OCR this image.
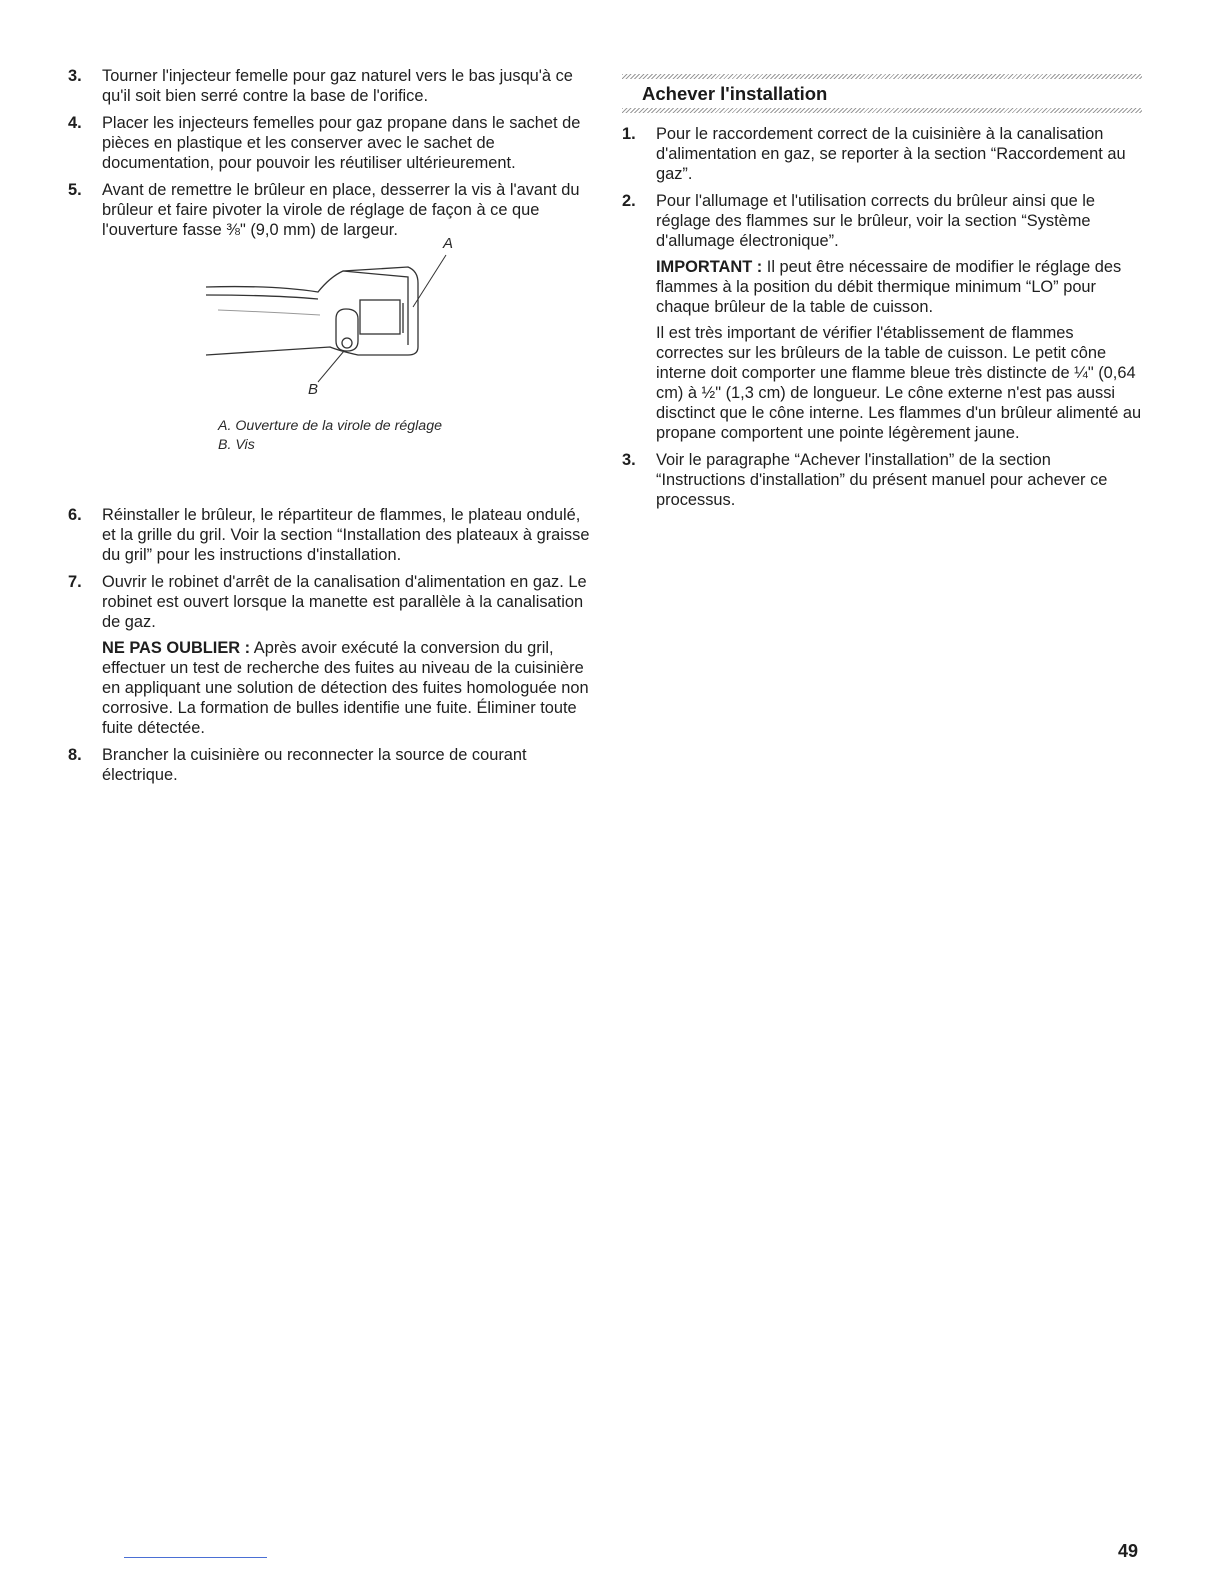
3. Tourner l'injecteur femelle pour gaz naturel vers le bas jusqu'à ce qu'il soit bien serré contre la base de l'orifice.
4. Placer les injecteurs femelles pour gaz propane dans le sachet de pièces en plastique et les conserver avec le sachet de documentation, pour pouvoir les réutiliser ultérieurement.
5. Avant de remettre le brûleur en place, desserrer la vis à l'avant du brûleur et faire pivoter la virole de réglage de façon à ce que l'ouverture fasse ⅜" (9,0 mm) de largeur.
A
B
A. Ouverture de la virole de réglage
B. Vis
6. Réinstaller le brûleur, le répartiteur de flammes, le plateau ondulé, et la grille du gril. Voir la section “Installation des plateaux à graisse du gril” pour les instructions d'installation.
7. Ouvrir le robinet d'arrêt de la canalisation d'alimentation en gaz. Le robinet est ouvert lorsque la manette est parallèle à la canalisation de gaz.

NE PAS OUBLIER : Après avoir exécuté la conversion du gril, effectuer un test de recherche des fuites au niveau de la cuisinière en appliquant une solution de détection des fuites homologuée non corrosive. La formation de bulles identifie une fuite. Éliminer toute fuite détectée.

8. Brancher la cuisinière ou reconnecter la source de courant électrique.
Achever l'installation
1. Pour le raccordement correct de la cuisinière à la canalisation d'alimentation en gaz, se reporter à la section “Raccordement au gaz”.
2. Pour l'allumage et l'utilisation corrects du brûleur ainsi que le réglage des flammes sur le brûleur, voir la section “Système d'allumage électronique”.

IMPORTANT : Il peut être nécessaire de modifier le réglage des flammes à la position du débit thermique minimum “LO” pour chaque brûleur de la table de cuisson.

Il est très important de vérifier l'établissement de flammes correctes sur les brûleurs de la table de cuisson. Le petit cône interne doit comporter une flamme bleue très distincte de ¼" (0,64 cm) à ½" (1,3 cm) de longueur. Le cône externe n'est pas aussi disctinct que le cône interne. Les flammes d'un brûleur alimenté au propane comportent une pointe légèrement jaune.

3. Voir le paragraphe “Achever l'installation” de la section “Instructions d'installation” du présent manuel pour achever ce processus.
49
